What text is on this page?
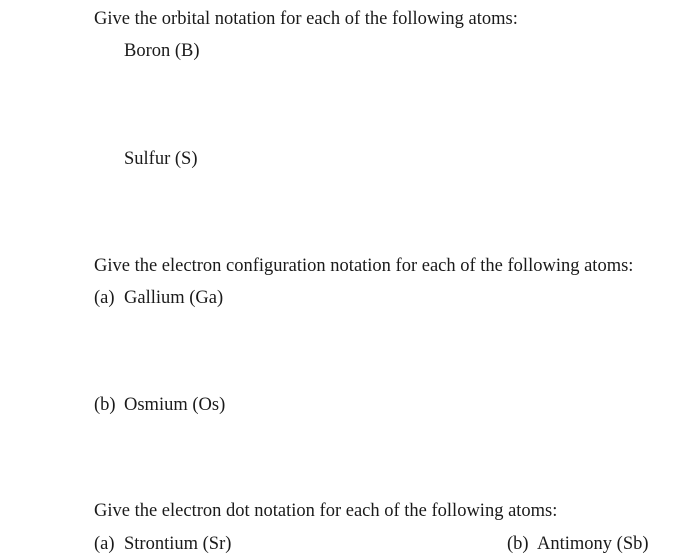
Give the orbital notation for each of the following atoms:

Boron (B)

Sulfur (S)

Give the electron configuration notation for each of the following atoms:

(a) Gallium (Ga)

(b) Osmium (Os)

Give the electron dot notation for each of the following atoms:

(a) Strontium (Sr)	(b) Antimony (Sb)
